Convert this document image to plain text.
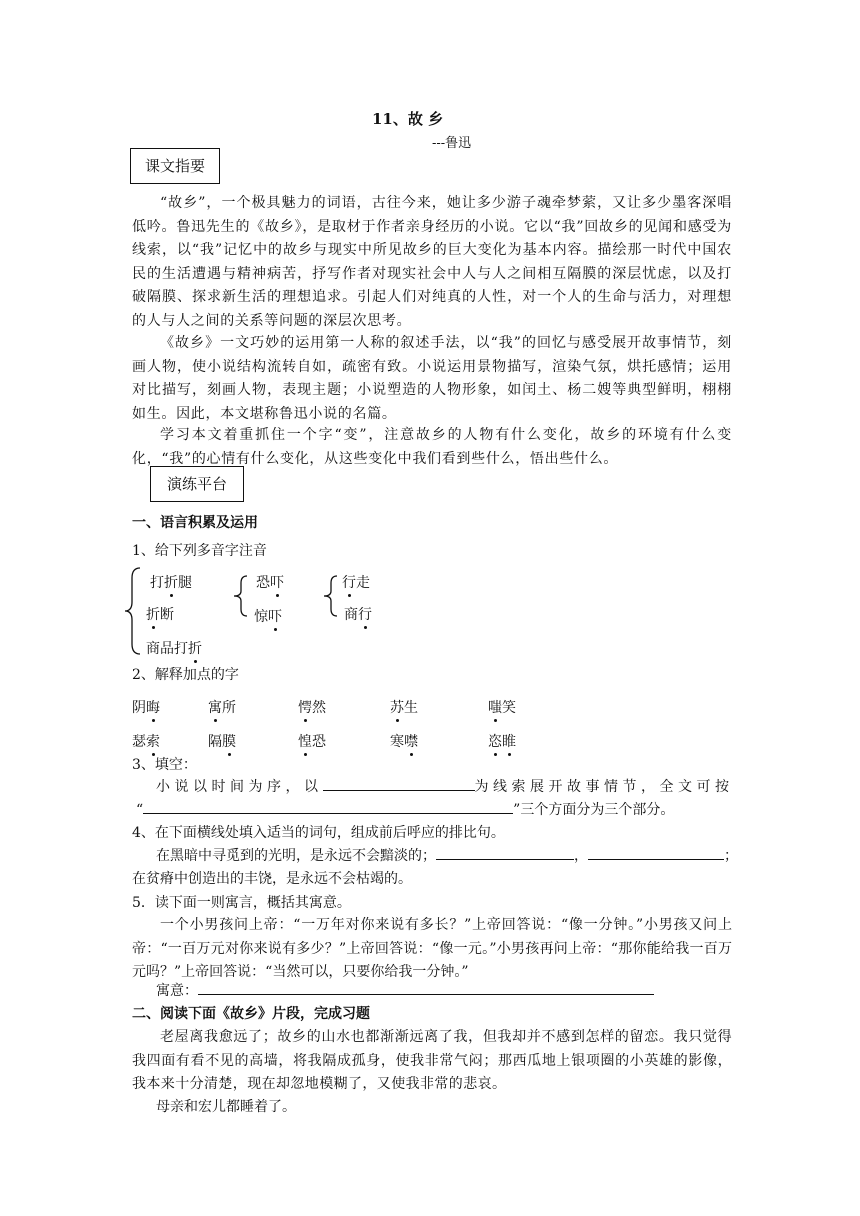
11、故 乡
---鲁迅
课文指要
“故乡”，一个极具魅力的词语，古往今来，她让多少游子魂牵梦萦，又让多少墨客深唱低吟。鲁迅先生的《故乡》，是取材于作者亲身经历的小说。它以“我”回故乡的见闻和感受为线索，以“我”记忆中的故乡与现实中所见故乡的巨大变化为基本内容。描绘那一时代中国农民的生活遭遇与精神病苦，抒写作者对现实社会中人与人之间相互隔膜的深层忧虑，以及打破隔膜、探求新生活的理想追求。引起人们对纯真的人性，对一个人的生命与活力，对理想的人与人之间的关系等问题的深层次思考。
《故乡》一文巧妙的运用第一人称的叙述手法，以“我”的回忆与感受展开故事情节，刻画人物，使小说结构流转自如，疏密有致。小说运用景物描写，渲染气氛，烘托感情；运用对比描写，刻画人物，表现主题；小说塑造的人物形象，如闰土、杨二嫂等典型鲜明，栩栩如生。因此，本文堪称鲁迅小说的名篇。
学习本文着重抓住一个字“变”，注意故乡的人物有什么变化，故乡的环境有什么变化，“我”的心情有什么变化，从这些变化中我们看到些什么，悟出些什么。
演练平台
一、语言积累及运用
1、给下列多音字注音
打折腿
折断
商品打折
恐吓
惊吓
行走
商行
2、解释加点的字
阴晦	寓所	愕然	苏生	嗤笑
瑟索	隔膜	惶恐	寒噤	恣睢
3、填空：
小说以时间为序，以	为线索展开故事情节，全文可按
“	”三个方面分为三个部分。
4、在下面横线处填入适当的词句，组成前后呼应的排比句。
在黑暗中寻觅到的光明，是永远不会黯淡的；	，	；
在贫瘠中创造出的丰饶，是永远不会枯竭的。
5．读下面一则寓言，概括其寓意。
一个小男孩问上帝：“一万年对你来说有多长？”上帝回答说：“像一分钟。”小男孩又问上帝：“一百万元对你来说有多少？”上帝回答说：“像一元。”小男孩再问上帝：“那你能给我一百万元吗？”上帝回答说：“当然可以，只要你给我一分钟。”
寓意：
二、阅读下面《故乡》片段，完成习题
老屋离我愈远了；故乡的山水也都渐渐远离了我，但我却并不感到怎样的留恋。我只觉得我四面有看不见的高墙，将我隔成孤身，使我非常气闷；那西瓜地上银项圈的小英雄的影像，我本来十分清楚，现在却忽地模糊了，又使我非常的悲哀。
母亲和宏儿都睡着了。
